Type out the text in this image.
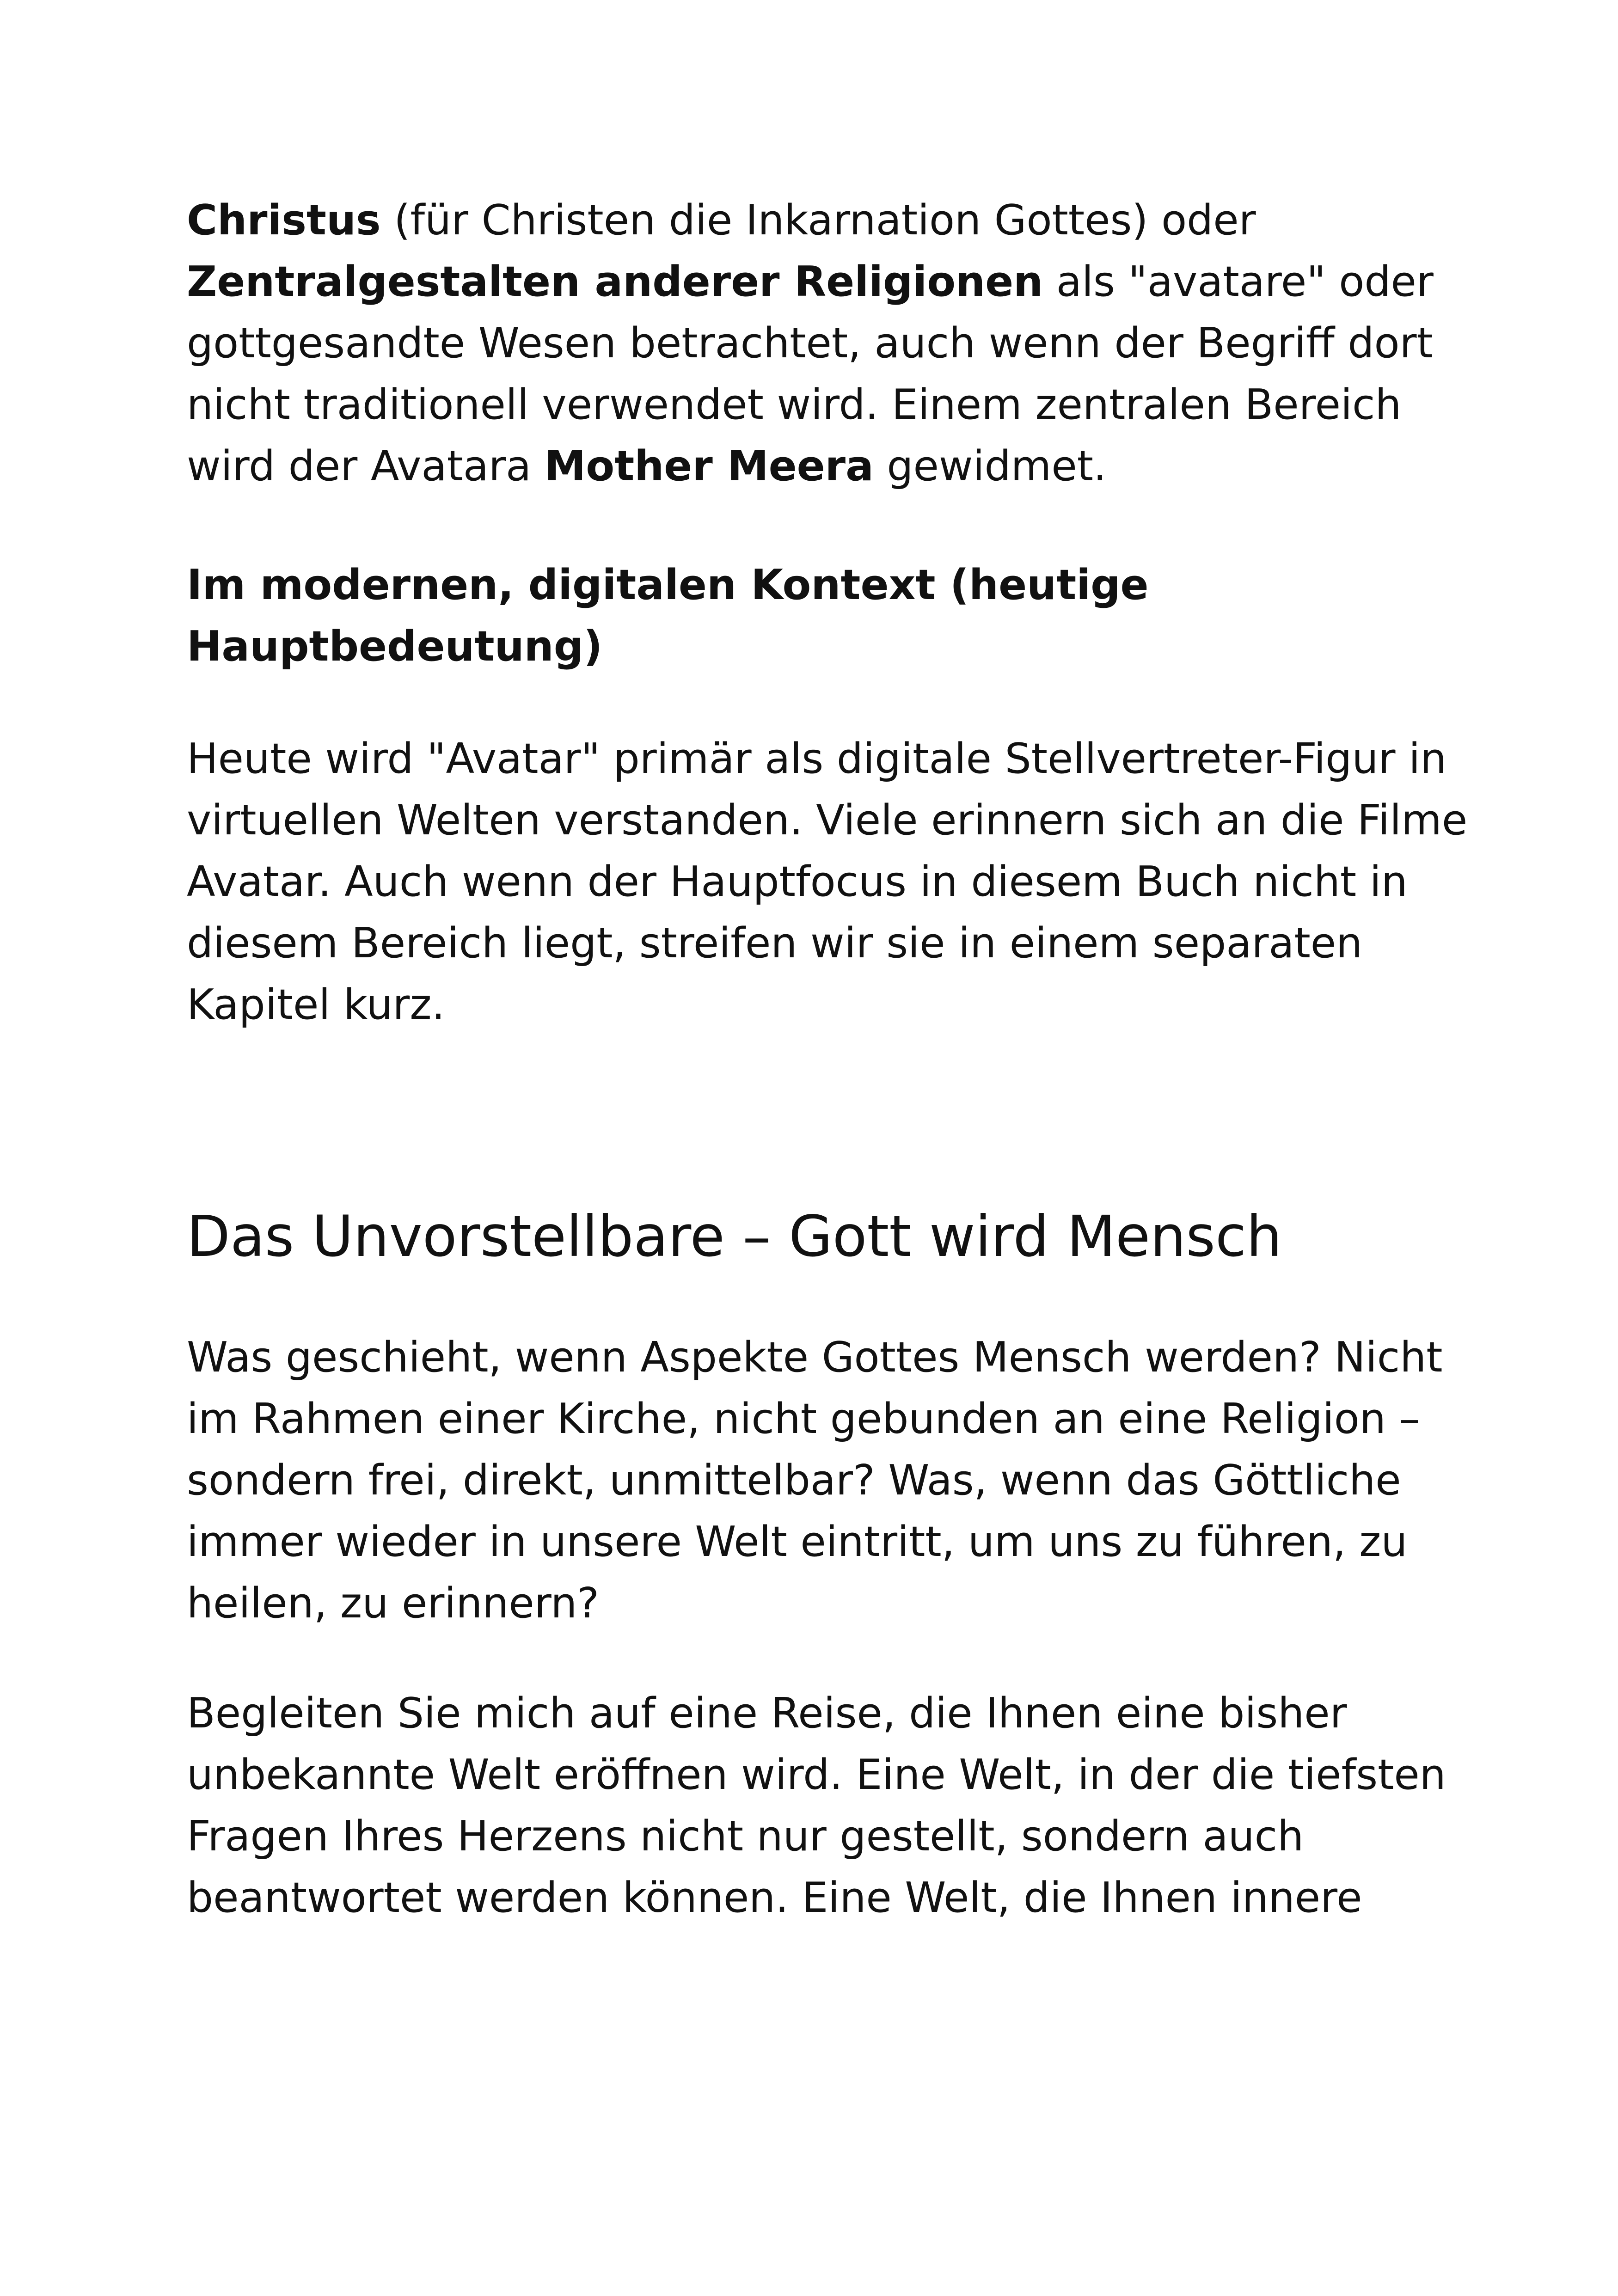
Christus (für Christen die Inkarnation Gottes) oder
Zentralgestalten anderer Religionen als "avatare" oder
gottgesandte Wesen betrachtet, auch wenn der Begriff dort
nicht traditionell verwendet wird. Einem zentralen Bereich
wird der Avatara Mother Meera gewidmet.
Im modernen, digitalen Kontext (heutige
Hauptbedeutung)
Heute wird "Avatar" primär als digitale Stellvertreter-Figur in
virtuellen Welten verstanden. Viele erinnern sich an die Filme
Avatar. Auch wenn der Hauptfocus in diesem Buch nicht in
diesem Bereich liegt, streifen wir sie in einem separaten
Kapitel kurz.
Das Unvorstellbare – Gott wird Mensch
Was geschieht, wenn Aspekte Gottes Mensch werden? Nicht
im Rahmen einer Kirche, nicht gebunden an eine Religion –
sondern frei, direkt, unmittelbar? Was, wenn das Göttliche
immer wieder in unsere Welt eintritt, um uns zu führen, zu
heilen, zu erinnern?
Begleiten Sie mich auf eine Reise, die Ihnen eine bisher
unbekannte Welt eröffnen wird. Eine Welt, in der die tiefsten
Fragen Ihres Herzens nicht nur gestellt, sondern auch
beantwortet werden können. Eine Welt, die Ihnen innere
